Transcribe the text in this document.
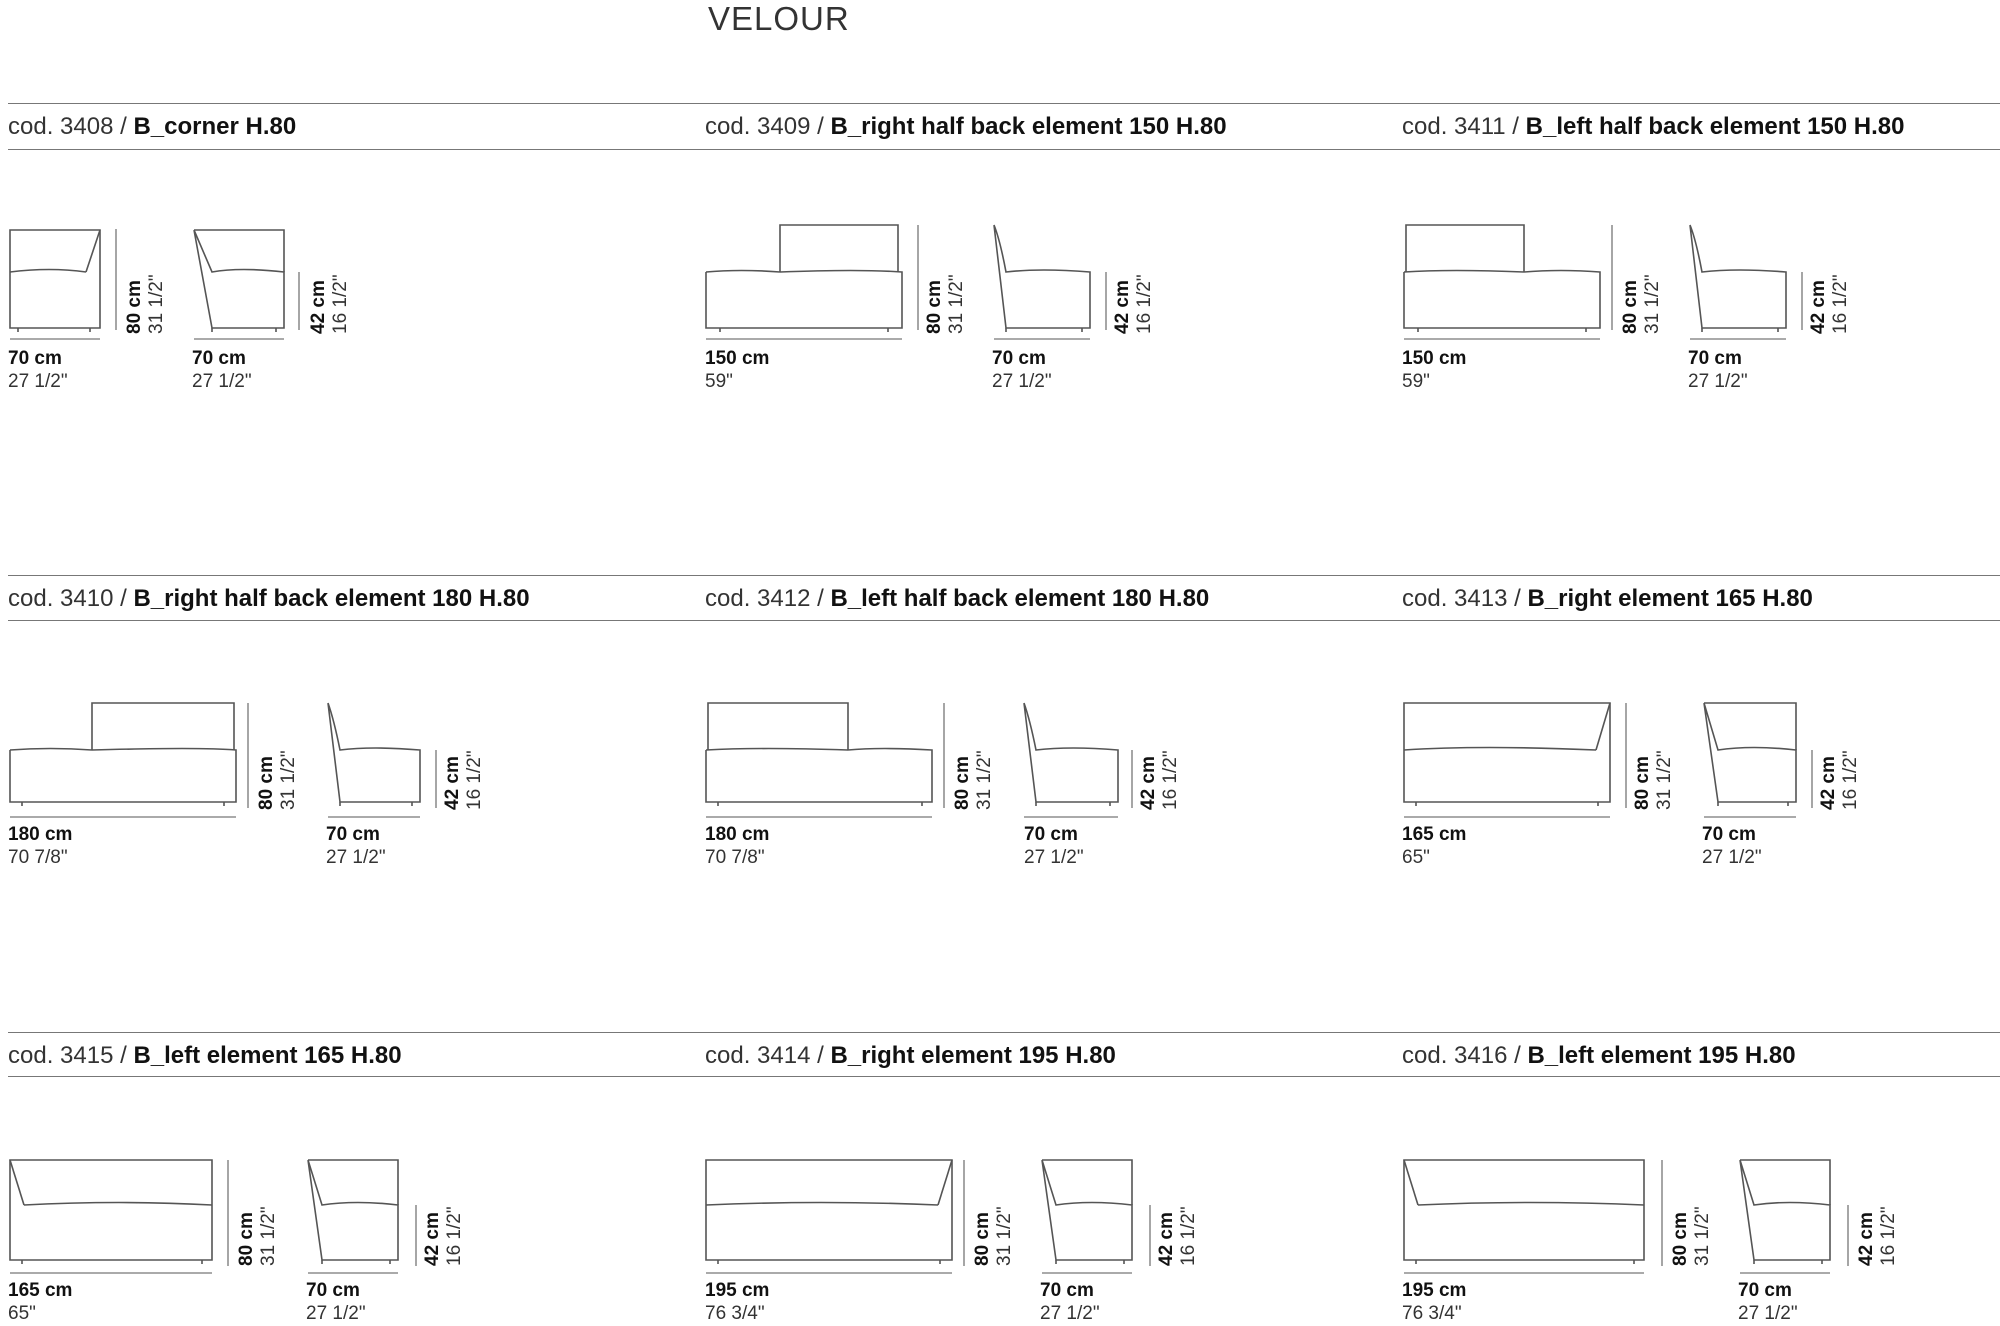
VELOUR
cod. 3408 / B_corner H.80	cod. 3409 / B_right half back element 150 H.80	cod. 3411 / B_left half back element 150 H.80
cod. 3410 / B_right half back element 180 H.80	cod. 3412 / B_left half back element 180 H.80	cod. 3413 / B_right element 165 H.80
cod. 3415 / B_left element 165 H.80	cod. 3414 / B_right element 195 H.80	cod. 3416 / B_left element 195 H.80
70 cm
27 1/2"
80 cm 31 1/2"
70 cm
27 1/2"
42 cm 16 1/2"
150 cm
59"
80 cm 31 1/2"
70 cm
27 1/2"
42 cm 16 1/2"
150 cm
59"
80 cm 31 1/2"
70 cm
27 1/2"
42 cm 16 1/2"
180 cm
70 7/8"
80 cm 31 1/2"
70 cm
27 1/2"
42 cm 16 1/2"
180 cm
70 7/8"
80 cm 31 1/2"
70 cm
27 1/2"
42 cm 16 1/2"
165 cm
65"
80 cm 31 1/2"
70 cm
27 1/2"
42 cm 16 1/2"
165 cm
65"
80 cm 31 1/2"
70 cm
27 1/2"
42 cm 16 1/2"
195 cm
76 3/4"
80 cm 31 1/2"
70 cm
27 1/2"
42 cm 16 1/2"
195 cm
76 3/4"
80 cm 31 1/2"
70 cm
27 1/2"
42 cm 16 1/2"
